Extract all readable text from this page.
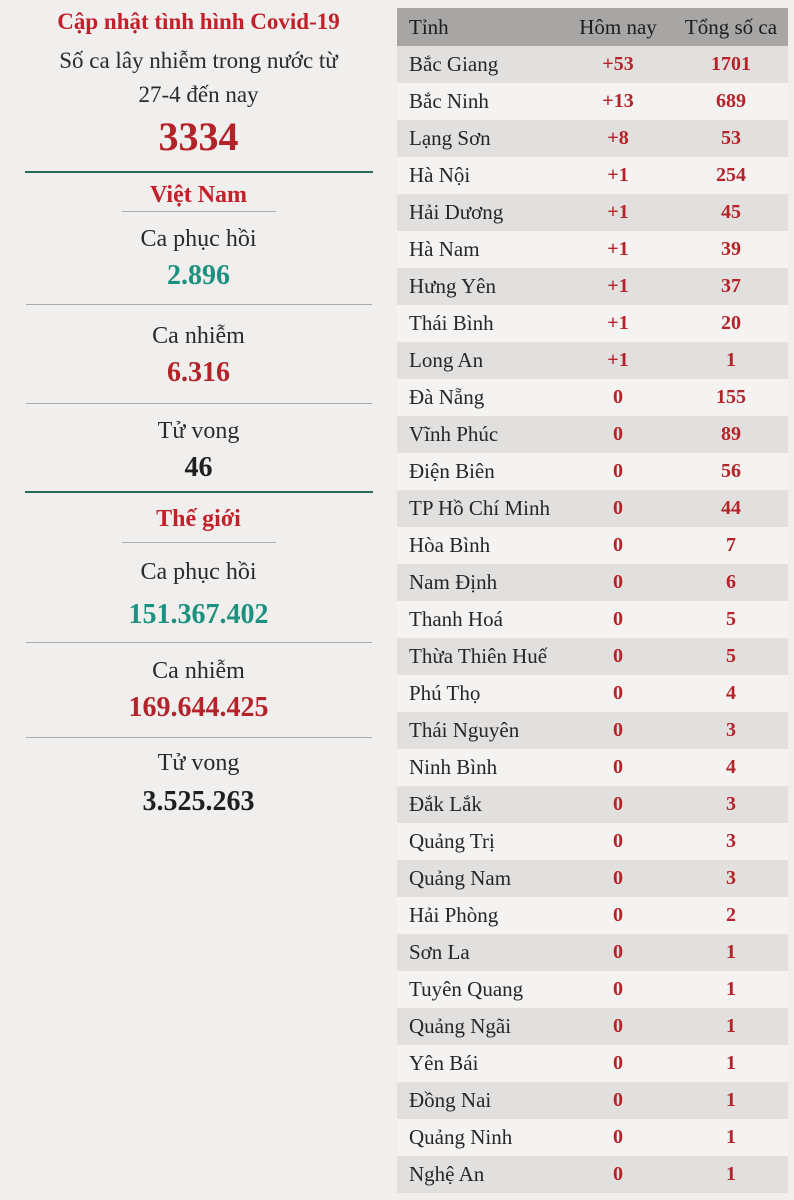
Cập nhật tình hình Covid-19
Số ca lây nhiễm trong nước từ
27-4 đến nay
3334
Việt Nam
Ca phục hồi
2.896
Ca nhiễm
6.316
Tử vong
46
Thế giới
Ca phục hồi
151.367.402
Ca nhiễm
169.644.425
Tử vong
3.525.263
Tỉnh	Hôm nay	Tổng số ca
Bắc Giang	+53	1701
Bắc Ninh	+13	689
Lạng Sơn	+8	53
Hà Nội	+1	254
Hải Dương	+1	45
Hà Nam	+1	39
Hưng Yên	+1	37
Thái Bình	+1	20
Long An	+1	1
Đà Nẵng	0	155
Vĩnh Phúc	0	89
Điện Biên	0	56
TP Hồ Chí Minh	0	44
Hòa Bình	0	7
Nam Định	0	6
Thanh Hoá	0	5
Thừa Thiên Huế	0	5
Phú Thọ	0	4
Thái Nguyên	0	3
Ninh Bình	0	4
Đắk Lắk	0	3
Quảng Trị	0	3
Quảng Nam	0	3
Hải Phòng	0	2
Sơn La	0	1
Tuyên Quang	0	1
Quảng Ngãi	0	1
Yên Bái	0	1
Đồng Nai	0	1
Quảng Ninh	0	1
Nghệ An	0	1
